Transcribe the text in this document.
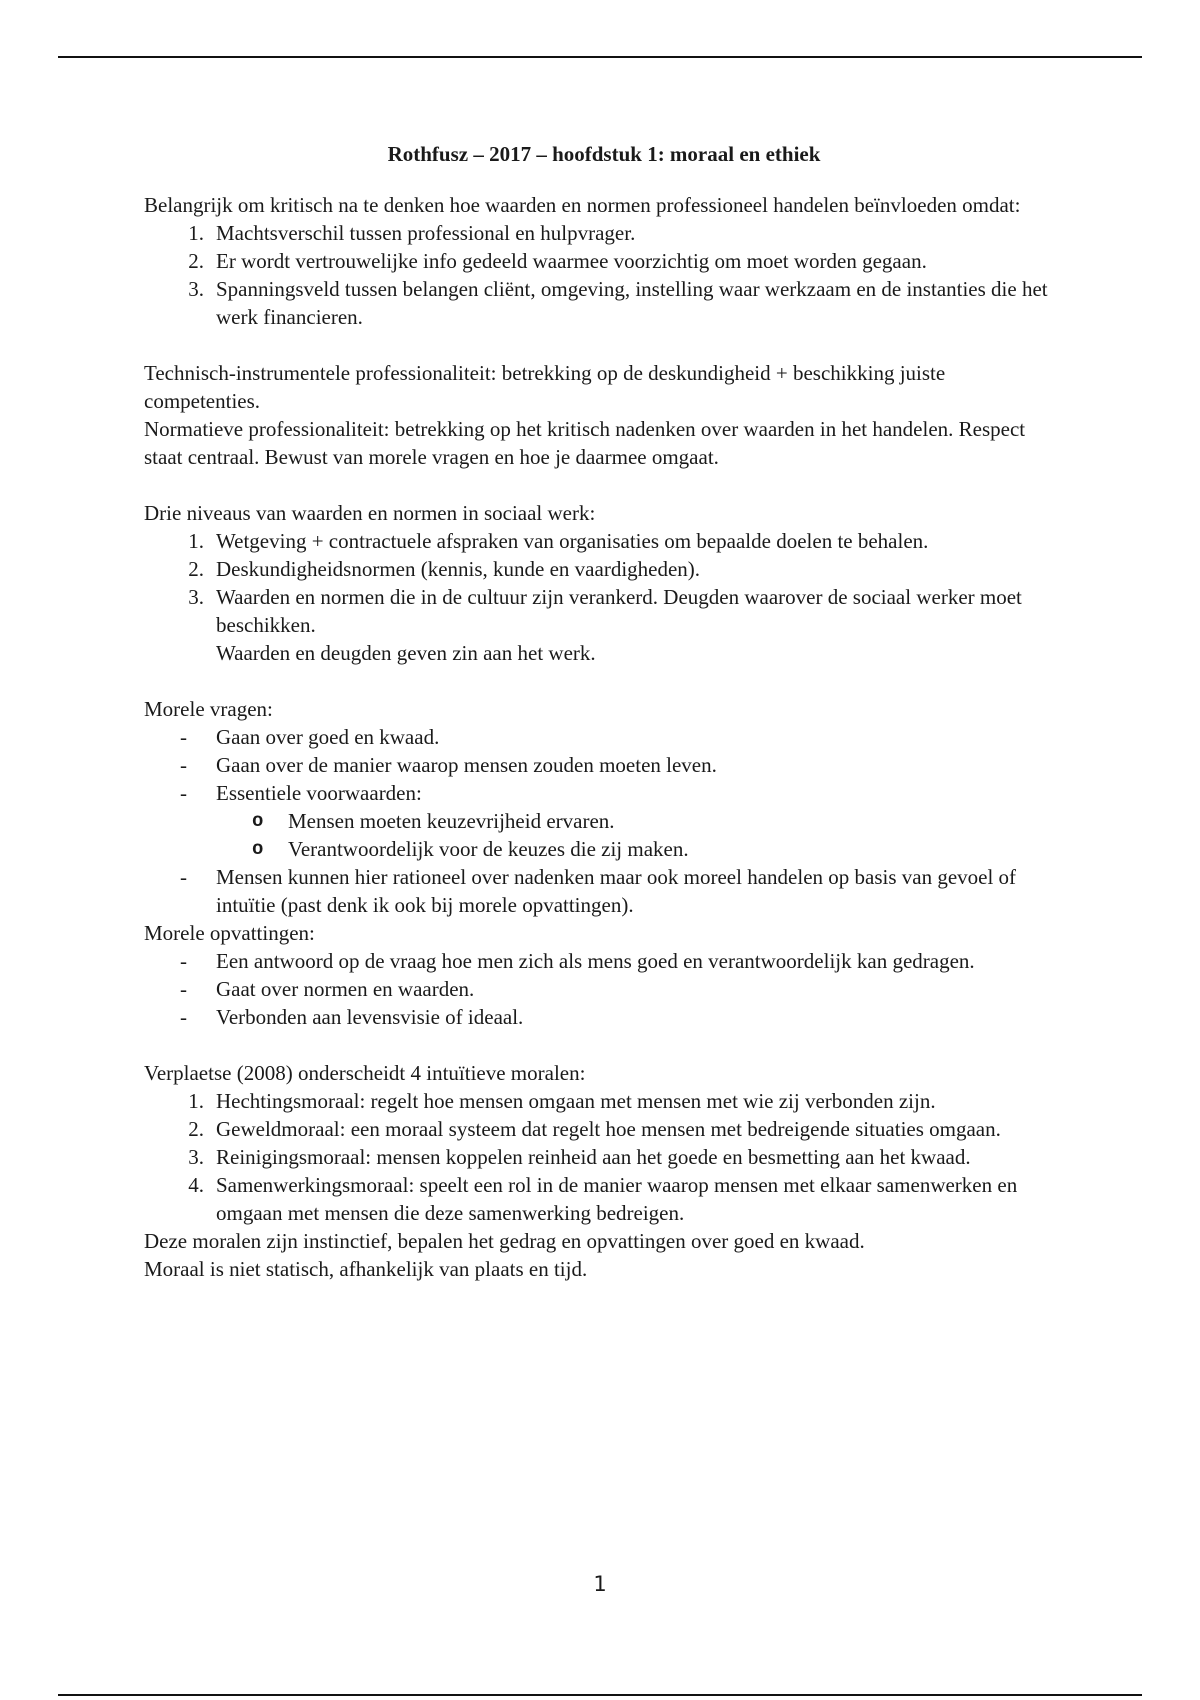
Rothfusz – 2017 – hoofdstuk 1: moraal en ethiek

Belangrijk om kritisch na te denken hoe waarden en normen professioneel handelen beïnvloeden omdat:

1. Machtsverschil tussen professional en hulpvrager.
2. Er wordt vertrouwelijke info gedeeld waarmee voorzichtig om moet worden gegaan.
3. Spanningsveld tussen belangen cliënt, omgeving, instelling waar werkzaam en de instanties die het werk financieren.

Technisch-instrumentele professionaliteit: betrekking op de deskundigheid + beschikking juiste competenties.

Normatieve professionaliteit: betrekking op het kritisch nadenken over waarden in het handelen. Respect staat centraal. Bewust van morele vragen en hoe je daarmee omgaat.

Drie niveaus van waarden en normen in sociaal werk:

1. Wetgeving + contractuele afspraken van organisaties om bepaalde doelen te behalen.
2. Deskundigheidsnormen (kennis, kunde en vaardigheden).
3. Waarden en normen die in de cultuur zijn verankerd. Deugden waarover de sociaal werker moet beschikken.
Waarden en deugden geven zin aan het werk.

Morele vragen:

- Gaan over goed en kwaad.
- Gaan over de manier waarop mensen zouden moeten leven.
- Essentiele voorwaarden:
o	Mensen moeten keuzevrijheid ervaren.
o	Verantwoordelijk voor de keuzes die zij maken.
- Mensen kunnen hier rationeel over nadenken maar ook moreel handelen op basis van gevoel of intuïtie (past denk ik ook bij morele opvattingen).

Morele opvattingen:

- Een antwoord op de vraag hoe men zich als mens goed en verantwoordelijk kan gedragen.
- Gaat over normen en waarden.
- Verbonden aan levensvisie of ideaal.

Verplaetse (2008) onderscheidt 4 intuïtieve moralen:

1. Hechtingsmoraal: regelt hoe mensen omgaan met mensen met wie zij verbonden zijn.
2. Geweldmoraal: een moraal systeem dat regelt hoe mensen met bedreigende situaties omgaan.
3. Reinigingsmoraal: mensen koppelen reinheid aan het goede en besmetting aan het kwaad.
4. Samenwerkingsmoraal: speelt een rol in de manier waarop mensen met elkaar samenwerken en omgaan met mensen die deze samenwerking bedreigen.

Deze moralen zijn instinctief, bepalen het gedrag en opvattingen over goed en kwaad.

Moraal is niet statisch, afhankelijk van plaats en tijd.

1
